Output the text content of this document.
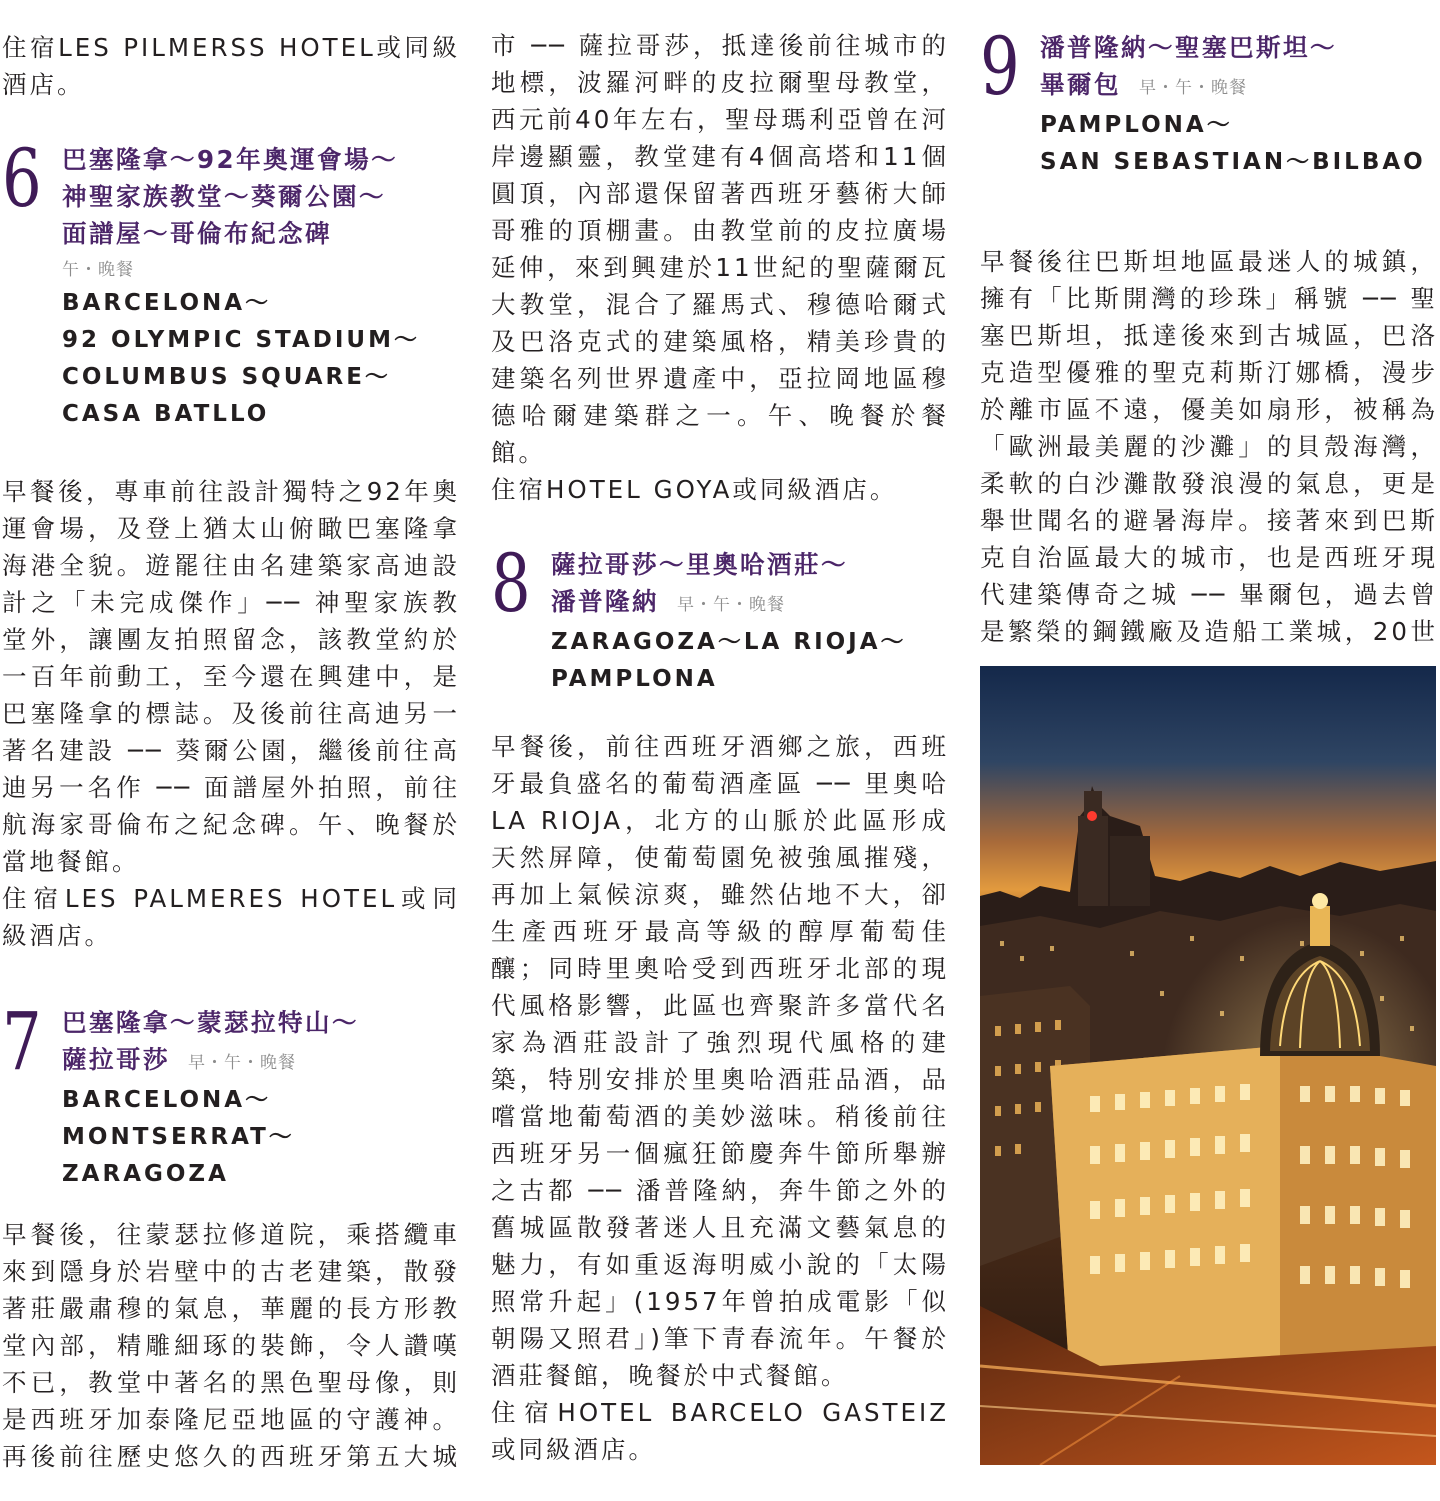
住宿LES PILMERSS HOTEL或同級酒店。

6 巴塞隆拿～92年奧運會場～
神聖家族教堂～葵爾公園～
面譜屋～哥倫布紀念碑
午・晚餐
BARCELONA～
92 OLYMPIC STADIUM～
COLUMBUS SQUARE～
CASA BATLLO

早餐後，專車前往設計獨特之92年奧運會場，及登上猶太山俯瞰巴塞隆拿海港全貌。遊罷往由名建築家高迪設計之「未完成傑作」── 神聖家族教堂外，讓團友拍照留念，該教堂約於一百年前動工，至今還在興建中，是巴塞隆拿的標誌。及後前往高迪另一著名建設 ── 葵爾公園，繼後前往高迪另一名作 ── 面譜屋外拍照，前往航海家哥倫布之紀念碑。午、晚餐於當地餐館。

住宿LES PALMERES HOTEL或同級酒店。

7 巴塞隆拿～蒙瑟拉特山～
薩拉哥莎 早・午・晚餐
BARCELONA～
MONTSERRAT～
ZARAGOZA

早餐後，往蒙瑟拉修道院，乘搭纜車來到隱身於岩壁中的古老建築，散發著莊嚴肅穆的氣息，華麗的長方形教堂內部，精雕細琢的裝飾，令人讚嘆不已，教堂中著名的黑色聖母像，則是西班牙加泰隆尼亞地區的守護神。再後前往歷史悠久的西班牙第五大城

市 ── 薩拉哥莎，抵達後前往城市的地標，波羅河畔的皮拉爾聖母教堂，西元前40年左右，聖母瑪利亞曾在河岸邊顯靈，教堂建有4個高塔和11個圓頂，內部還保留著西班牙藝術大師哥雅的頂棚畫。由教堂前的皮拉廣場延伸，來到興建於11世紀的聖薩爾瓦大教堂，混合了羅馬式、穆德哈爾式及巴洛克式的建築風格，精美珍貴的建築名列世界遺產中，亞拉岡地區穆德哈爾建築群之一。午、晚餐於餐館。

住宿HOTEL GOYA或同級酒店。

8 薩拉哥莎～里奧哈酒莊～
潘普隆納 早・午・晚餐
ZARAGOZA～LA RIOJA～
PAMPLONA

早餐後，前往西班牙酒鄉之旅，西班牙最負盛名的葡萄酒產區 ── 里奧哈LA RIOJA，北方的山脈於此區形成天然屏障，使葡萄園免被強風摧殘，再加上氣候涼爽，雖然佔地不大，卻生產西班牙最高等級的醇厚葡萄佳釀；同時里奧哈受到西班牙北部的現代風格影響，此區也齊聚許多當代名家為酒莊設計了強烈現代風格的建築，特別安排於里奧哈酒莊品酒，品嚐當地葡萄酒的美妙滋味。稍後前往西班牙另一個瘋狂節慶奔牛節所舉辦之古都 ── 潘普隆納，奔牛節之外的舊城區散發著迷人且充滿文藝氣息的魅力，有如重返海明威小說的「太陽照常升起」(1957年曾拍成電影「似朝陽又照君」)筆下青春流年。午餐於酒莊餐館，晚餐於中式餐館。

住宿HOTEL BARCELO GASTEIZ或同級酒店。

9 潘普隆納～聖塞巴斯坦～
畢爾包 早・午・晚餐
PAMPLONA～
SAN SEBASTIAN～BILBAO

早餐後往巴斯坦地區最迷人的城鎮，擁有「比斯開灣的珍珠」稱號 ── 聖塞巴斯坦，抵達後來到古城區，巴洛克造型優雅的聖克莉斯汀娜橋，漫步於離市區不遠，優美如扇形，被稱為「歐洲最美麗的沙灘」的貝殼海灣，柔軟的白沙灘散發浪漫的氣息，更是舉世聞名的避暑海岸。接著來到巴斯克自治區最大的城市，也是西班牙現代建築傳奇之城 ── 畢爾包，過去曾是繁榮的鋼鐵廠及造船工業城，20世
